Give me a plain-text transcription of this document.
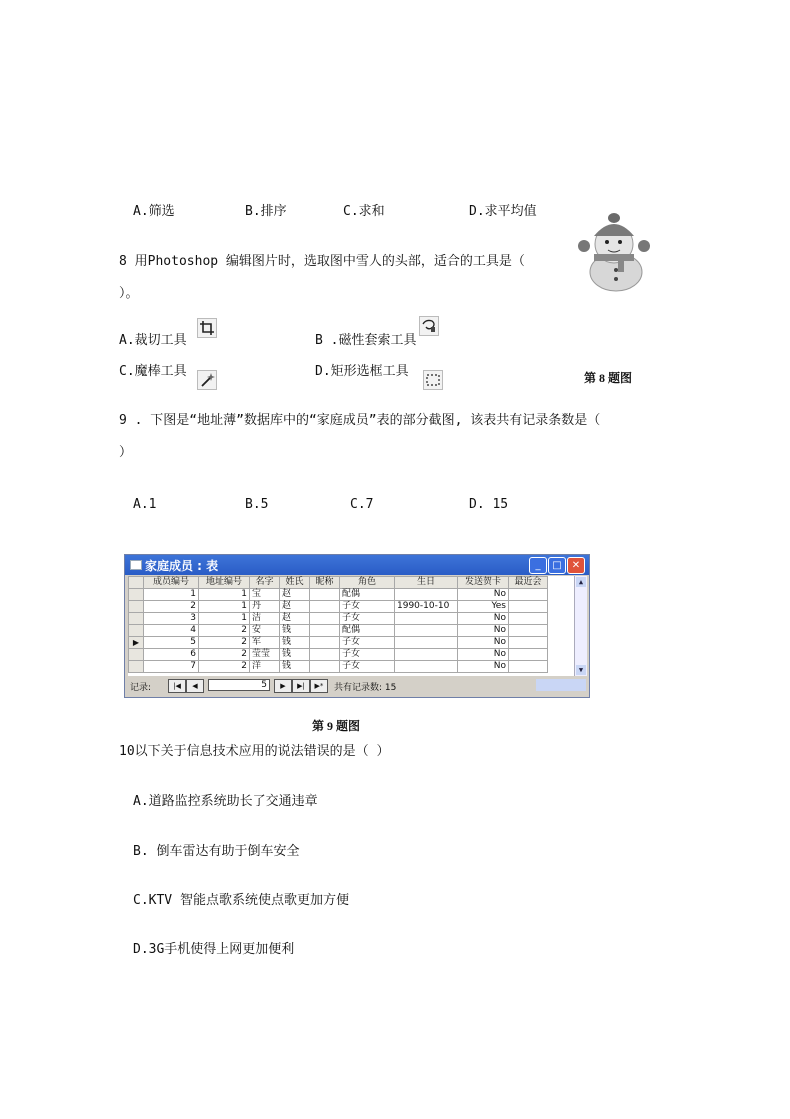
A.筛选	B.排序	C.求和	D.求平均值
8 用Photoshop 编辑图片时，选取图中雪人的头部，适合的工具是（
）。
A.裁切工具	B .磁性套索工具
C.魔棒工具	D.矩形选框工具	第 8 题图
9 . 下图是“地址薄”数据库中的“家庭成员”表的部分截图, 该表共有记录条数是（
）
A.1	B.5	C.7	D. 15
家庭成员 : 表	_	□	✕
	成员编号	地址编号	名字	姓氏	昵称	角色	生日	发送贺卡	最近会
	1	1	宝	赵		配偶		No	
	2	1	丹	赵		子女	1990-10-10	Yes	
	3	1	洁	赵		子女		No	
	4	2	安	钱		配偶		No	
▶	5	2	军	钱		子女		No	
	6	2	莹莹	钱		子女		No	
	7	2	洋	钱		子女		No	
▲
▼
记录:	|◀	◀	5	▶	▶|	▶*	共有记录数: 15
第 9 题图
10以下关于信息技术应用的说法错误的是（ ）
A.道路监控系统助长了交通违章
B. 倒车雷达有助于倒车安全
C.KTV 智能点歌系统使点歌更加方便
D.3G手机使得上网更加便利
